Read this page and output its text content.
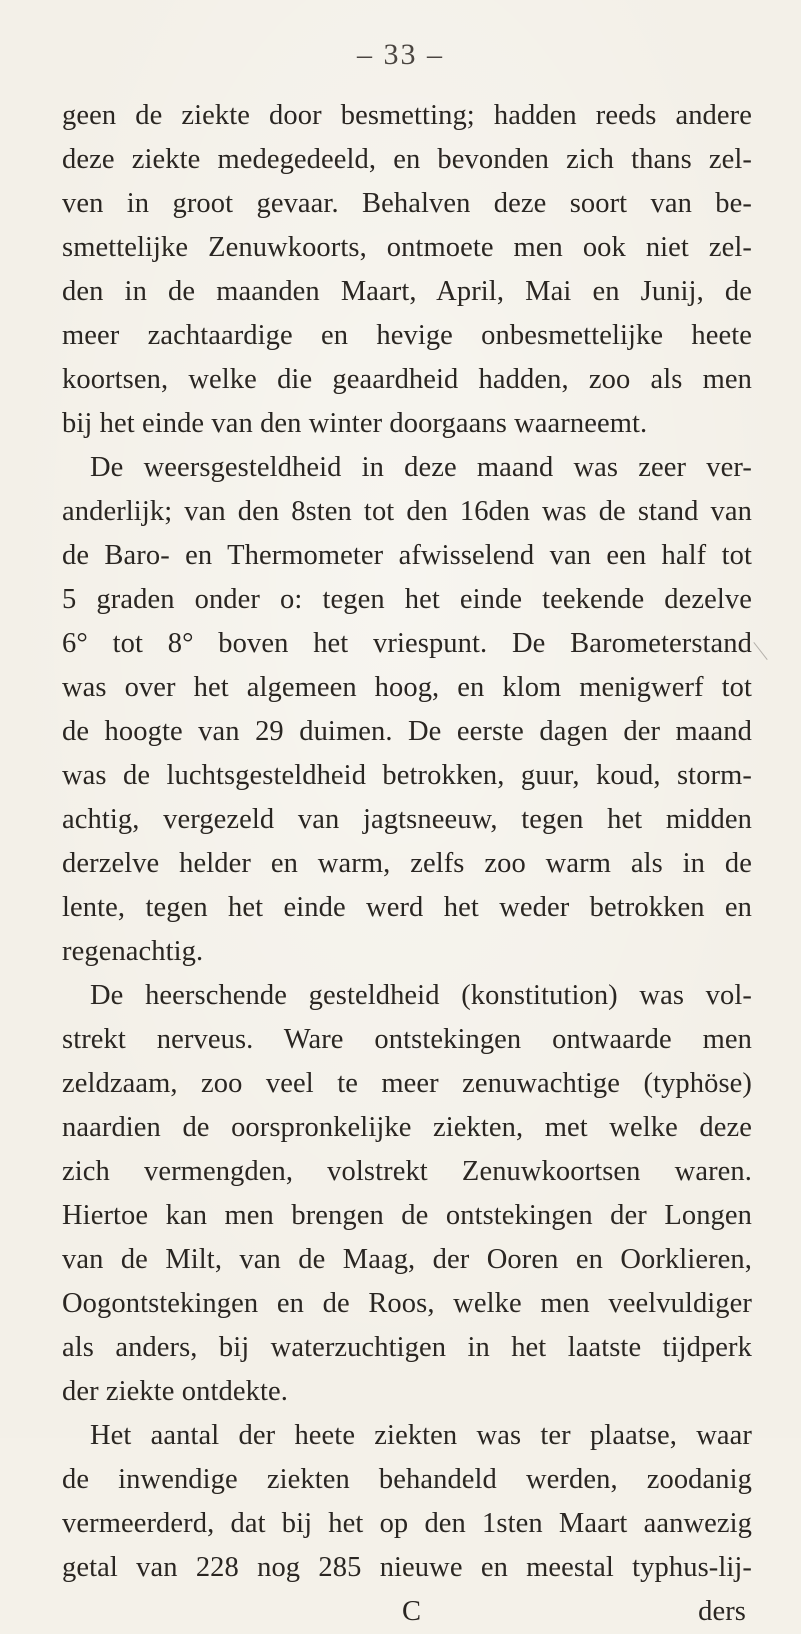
– 33 –
geen de ziekte door besmetting; hadden reeds andere
deze ziekte medegedeeld, en bevonden zich thans zel-
ven in groot gevaar. Behalven deze soort van be-
smettelijke Zenuwkoorts, ontmoete men ook niet zel-
den in de maanden Maart, April, Mai en Junij, de
meer zachtaardige en hevige onbesmettelijke heete
koortsen, welke die geaardheid hadden, zoo als men
bij het einde van den winter doorgaans waarneemt.
De weersgesteldheid in deze maand was zeer ver-
anderlijk; van den 8sten tot den 16den was de stand van
de Baro- en Thermometer afwisselend van een half tot
5 graden onder o: tegen het einde teekende dezelve
6° tot 8° boven het vriespunt. De Barometerstand
was over het algemeen hoog, en klom menigwerf tot
de hoogte van 29 duimen. De eerste dagen der maand
was de luchtsgesteldheid betrokken, guur, koud, storm-
achtig, vergezeld van jagtsneeuw, tegen het midden
derzelve helder en warm, zelfs zoo warm als in de
lente, tegen het einde werd het weder betrokken en
regenachtig.
De heerschende gesteldheid (konstitution) was vol-
strekt nerveus. Ware ontstekingen ontwaarde men
zeldzaam, zoo veel te meer zenuwachtige (typhöse)
naardien de oorspronkelijke ziekten, met welke deze
zich vermengden, volstrekt Zenuwkoortsen waren.
Hiertoe kan men brengen de ontstekingen der Longen
van de Milt, van de Maag, der Ooren en Oorklieren,
Oogontstekingen en de Roos, welke men veelvuldiger
als anders, bij waterzuchtigen in het laatste tijdperk
der ziekte ontdekte.
Het aantal der heete ziekten was ter plaatse, waar
de inwendige ziekten behandeld werden, zoodanig
vermeerderd, dat bij het op den 1sten Maart aanwezig
getal van 228 nog 285 nieuwe en meestal typhus-lij-
C	ders
